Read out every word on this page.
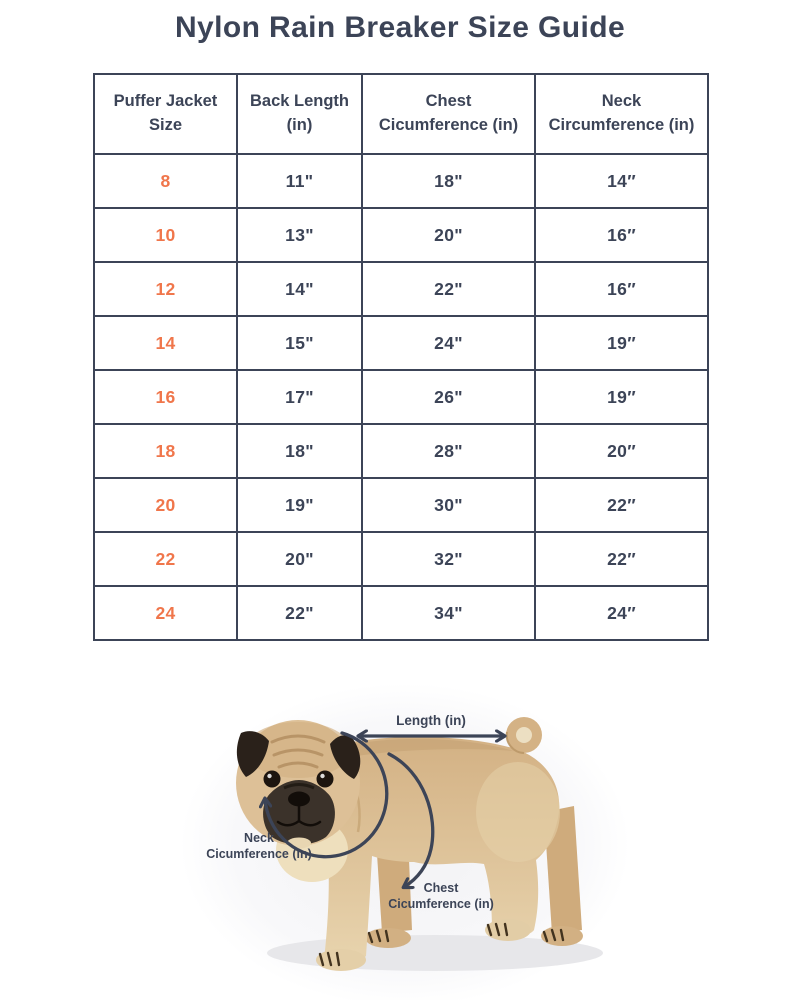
Nylon Rain Breaker Size Guide
Puffer Jacket Size	Back Length (in)	Chest Cicumference (in)	Neck Circumference (in)
8	11"	18"	14″
10	13"	20"	16″
12	14"	22"	16″
14	15"	24"	19″
16	17"	26"	19″
18	18"	28"	20″
20	19"	30"	22″
22	20"	32"	22″
24	22"	34"	24″
Length (in)
Neck
Cicumference (in)
Chest
Cicumference (in)
